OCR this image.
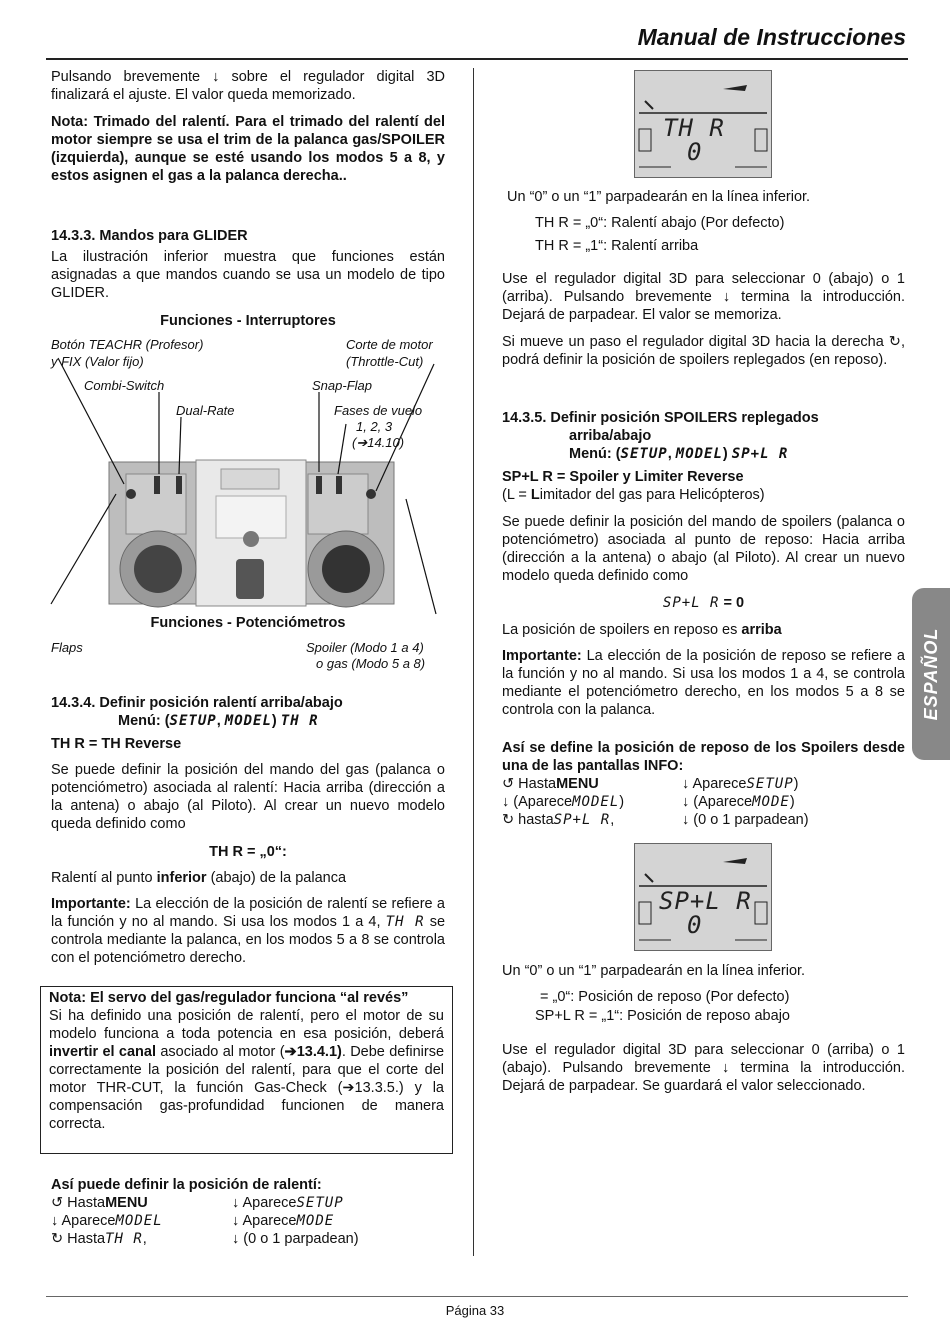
Manual de Instrucciones
ESPAÑOL

Pulsando brevemente ↓ sobre el regulador digital 3D finalizará el ajuste. El valor queda memorizado.

Nota: Trimado del ralentí. Para el trimado del ralentí del motor siempre se usa el trim de la palanca gas/SPOILER (izquierda), aunque se esté usando los modos 5 a 8, y estos asignen el gas a la palanca derecha..

14.3.3. Mandos para GLIDER

La ilustración inferior muestra que funciones están asignadas a que mandos cuando se usa un modelo de tipo GLIDER.

Funciones - Interruptores

Botón TEACHR (Profesor)
y FIX (Valor fijo)
Corte de motor
(Throttle-Cut)
Combi-Switch	Snap-Flap
Dual-Rate	Fases de vuelo
1, 2, 3
(➔14.10)

Funciones - Potenciómetros

Flaps	Spoiler (Modo 1 a 4)
o gas (Modo 5 a 8)

14.3.4. Definir posición ralentí arriba/abajo

Menú: (SETUP, MODEL) TH R

TH R = TH Reverse

Se puede definir la posición del mando del gas (palanca o potenciómetro) asociada al ralentí: Hacia arriba (dirección a la antena) o abajo (al Piloto). Al crear un nuevo modelo queda definido como

TH R = „0“:

Ralentí al punto inferior (abajo) de la palanca

Importante: La elección de la posición de ralentí se refiere a la función y no al mando. Si usa los modos 1 a 4, TH R se controla mediante la palanca, en los modos 5 a 8 se controla con el potenciómetro derecho.

Nota: El servo del gas/regulador funciona “al revés”

Si ha definido una posición de ralentí, pero el motor de su modelo funciona a toda potencia en esa posición, deberá invertir el canal asociado al motor (➔13.4.1). Debe definirse correctamente la posición del ralentí, para que el corte del motor THR-CUT, la función Gas-Check (➔13.3.5.) y la compensación gas-profundidad funcionen de manera correcta.

Así puede definir la posición de ralentí:

↺ HastaMENU	↓ ApareceSETUP
↓ ApareceMODEL	↓ ApareceMODE
↻ HastaTH R,	↓ (0 o 1 parpadean)
TH R
0

Un “0” o un “1” parpadearán en la línea inferior.

TH R = „0“: Ralentí abajo (Por defecto)

TH R = „1“: Ralentí arriba

Use el regulador digital 3D para seleccionar 0 (abajo) o 1 (arriba). Pulsando brevemente ↓ termina la introducción. Dejará de parpadear. El valor se memoriza.

Si mueve un paso el regulador digital 3D hacia la derecha ↻, podrá definir la posición de spoilers replegados (en reposo).

14.3.5. Definir posición SPOILERS replegados

arriba/abajo

Menú: (SETUP, MODEL) SP+L R

SP+L R = Spoiler y Limiter Reverse

(L = Limitador del gas para Helicópteros)

Se puede definir la posición del mando de spoilers (palanca o potenciómetro) asociada al punto de reposo: Hacia arriba (dirección a la antena) o abajo (al Piloto). Al crear un nuevo modelo queda definido como

SP+L R = 0

La posición de spoilers en reposo es arriba

Importante: La elección de la posición de reposo se refiere a la función y no al mando. Si usa los modos 1 a 4, se controla mediante el potenciómetro derecho, en los modos 5 a 8 se controla con la palanca.

Así se define la posición de reposo de los Spoilers desde una de las pantallas INFO:

↺ HastaMENU	↓ ApareceSETUP)
↓ (ApareceMODEL)	↓ (ApareceMODE)
↻ hastaSP+L R,	↓ (0 o 1 parpadean)
SP+L R
0

Un “0” o un “1” parpadearán en la línea inferior.

= „0“: Posición de reposo (Por defecto)

SP+L R = „1“: Posición de reposo abajo

Use el regulador digital 3D para seleccionar 0 (arriba) o 1 (abajo). Pulsando brevemente ↓ termina la introducción. Dejará de parpadear. Se guardará el valor seleccionado.

Página 33
